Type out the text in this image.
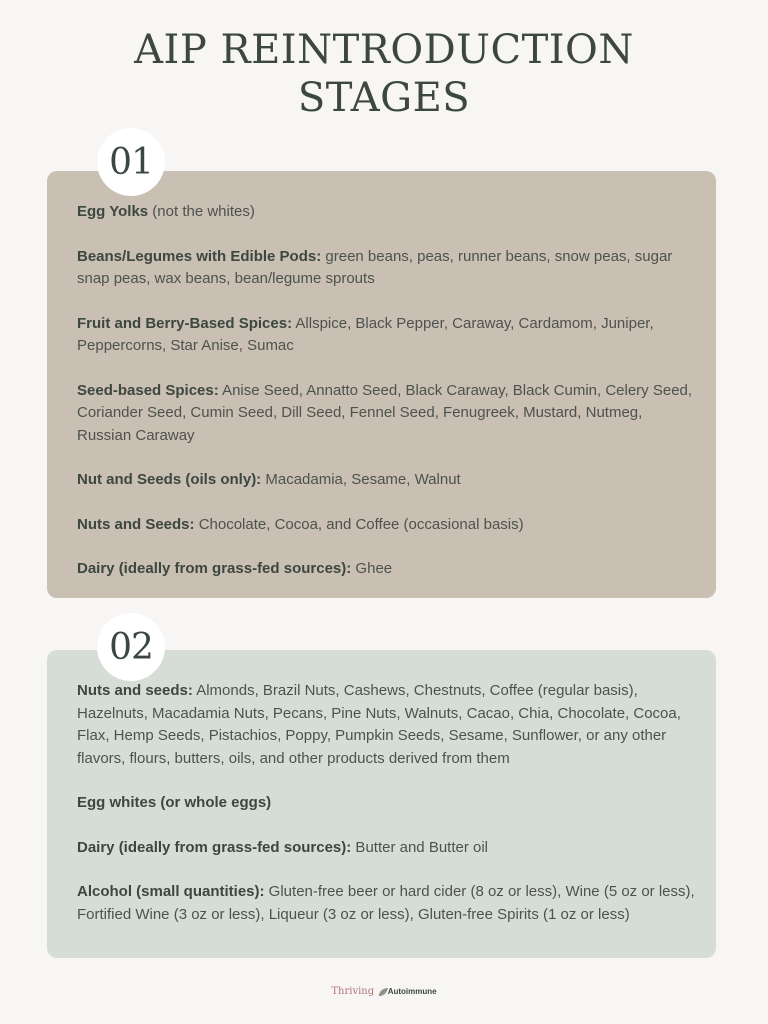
AIP REINTRODUCTION
STAGES
Egg Yolks (not the whites)
Beans/Legumes with Edible Pods: green beans, peas, runner beans, snow peas, sugar snap peas, wax beans, bean/legume sprouts
Fruit and Berry-Based Spices: Allspice, Black Pepper, Caraway, Cardamom, Juniper, Peppercorns, Star Anise, Sumac
Seed-based Spices: Anise Seed, Annatto Seed, Black Caraway, Black Cumin, Celery Seed, Coriander Seed, Cumin Seed, Dill Seed, Fennel Seed, Fenugreek, Mustard, Nutmeg, Russian Caraway
Nut and Seeds (oils only): Macadamia, Sesame, Walnut
Nuts and Seeds: Chocolate, Cocoa, and Coffee (occasional basis)
Dairy (ideally from grass-fed sources): Ghee
01
Nuts and seeds: Almonds, Brazil Nuts, Cashews, Chestnuts, Coffee (regular basis), Hazelnuts, Macadamia Nuts, Pecans, Pine Nuts, Walnuts, Cacao, Chia, Chocolate, Cocoa, Flax, Hemp Seeds, Pistachios, Poppy, Pumpkin Seeds, Sesame, Sunflower, or any other flavors, flours, butters, oils, and other products derived from them
Egg whites (or whole eggs)
Dairy (ideally from grass-fed sources): Butter and Butter oil
Alcohol (small quantities): Gluten-free beer or hard cider (8 oz or less), Wine (5 oz or less), Fortified Wine (3 oz or less), Liqueur (3 oz or less), Gluten-free Spirits (1 oz or less)
02
Thriving Autoimmune
